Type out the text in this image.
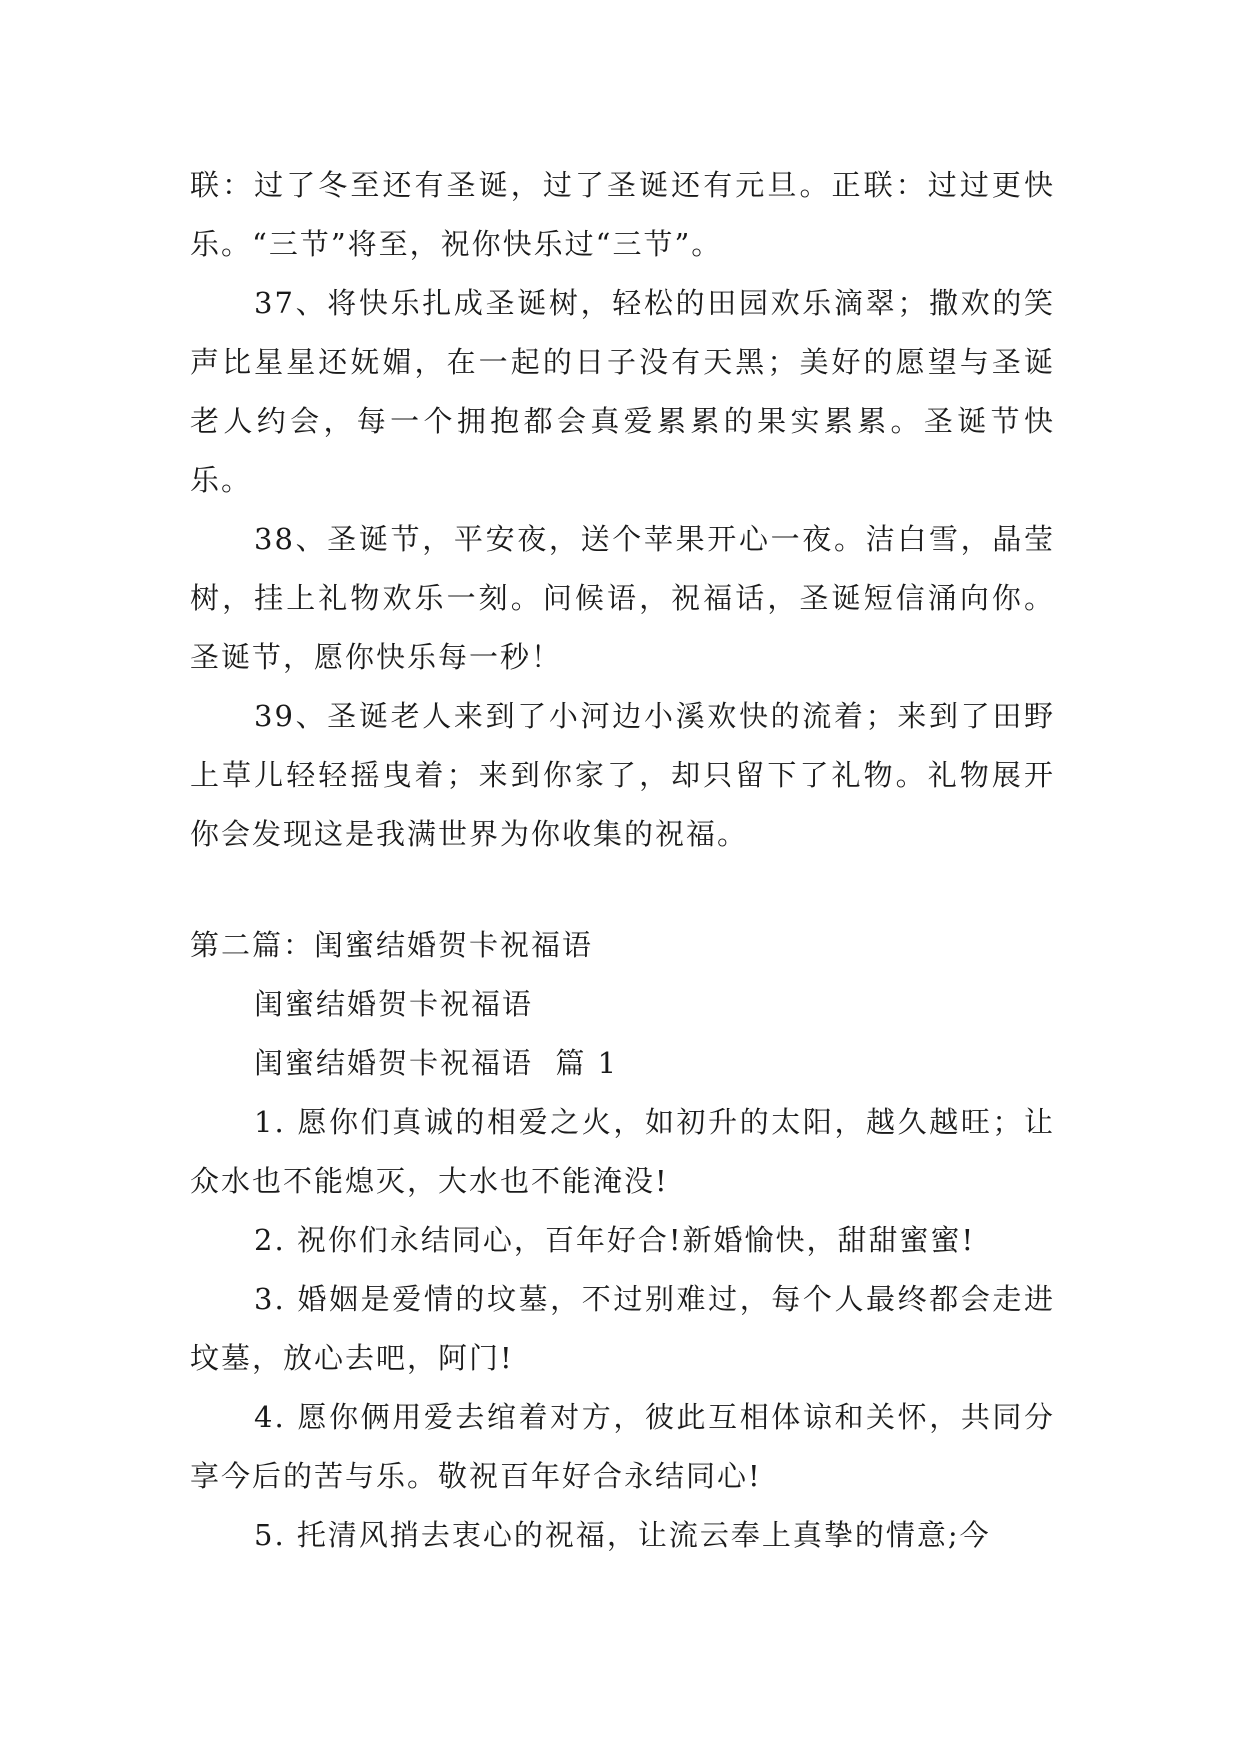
联：过了冬至还有圣诞，过了圣诞还有元旦。正联：过过更快乐。“三节”将至，祝你快乐过“三节”。

37、将快乐扎成圣诞树，轻松的田园欢乐滴翠；撒欢的笑声比星星还妩媚，在一起的日子没有天黑；美好的愿望与圣诞老人约会，每一个拥抱都会真爱累累的果实累累。圣诞节快乐。

38、圣诞节，平安夜，送个苹果开心一夜。洁白雪，晶莹树，挂上礼物欢乐一刻。问候语，祝福话，圣诞短信涌向你。圣诞节，愿你快乐每一秒！

39、圣诞老人来到了小河边小溪欢快的流着；来到了田野上草儿轻轻摇曳着；来到你家了，却只留下了礼物。礼物展开你会发现这是我满世界为你收集的祝福。

第二篇：闺蜜结婚贺卡祝福语

闺蜜结婚贺卡祝福语

闺蜜结婚贺卡祝福语  篇 1

1. 愿你们真诚的相爱之火，如初升的太阳，越久越旺；让众水也不能熄灭，大水也不能淹没!

2. 祝你们永结同心，百年好合!新婚愉快，甜甜蜜蜜!

3. 婚姻是爱情的坟墓，不过别难过，每个人最终都会走进坟墓，放心去吧，阿门!

4. 愿你俩用爱去绾着对方，彼此互相体谅和关怀，共同分享今后的苦与乐。敬祝百年好合永结同心!

5. 托清风捎去衷心的祝福，让流云奉上真挚的情意;今
